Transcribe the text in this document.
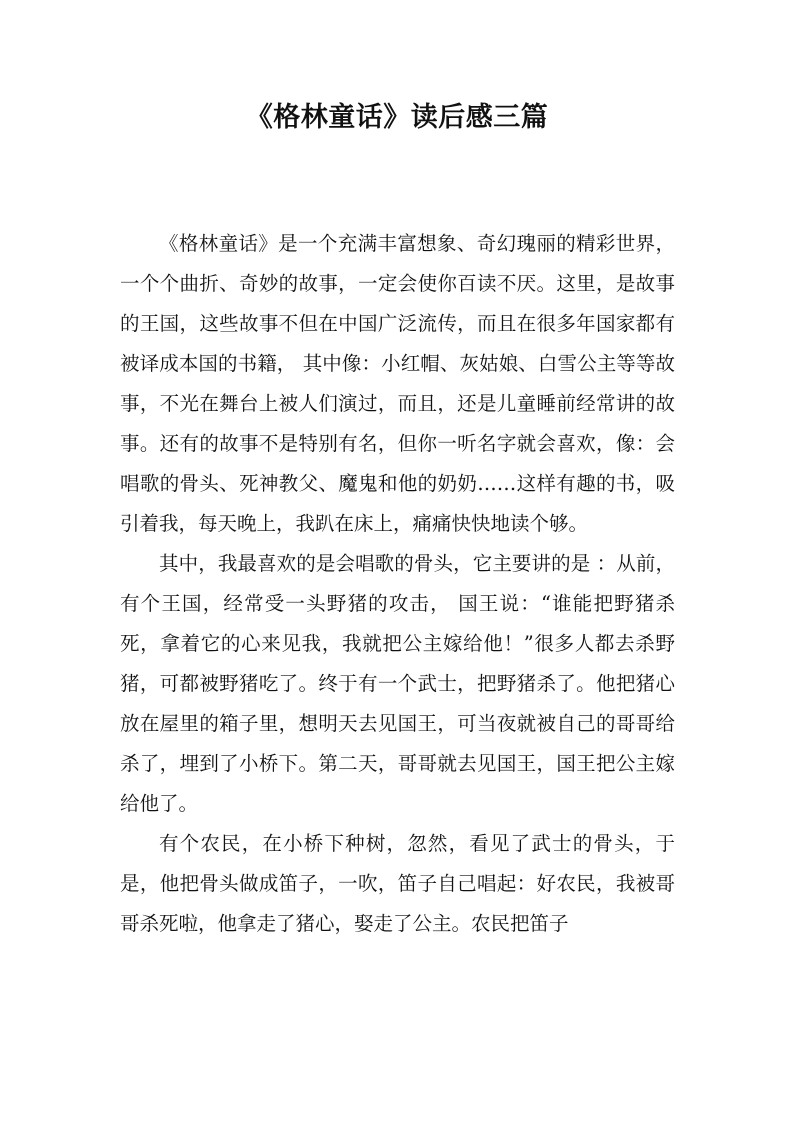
《格林童话》读后感三篇

《格林童话》是一个充满丰富想象、奇幻瑰丽的精彩世界，一个个曲折、奇妙的故事，一定会使你百读不厌。这里，是故事的王国，这些故事不但在中国广泛流传，而且在很多年国家都有被译成本国的书籍， 其中像：小红帽、灰姑娘、白雪公主等等故事，不光在舞台上被人们演过，而且，还是儿童睡前经常讲的故事。还有的故事不是特别有名，但你一听名字就会喜欢，像：会唱歌的骨头、死神教父、魔鬼和他的奶奶……这样有趣的书，吸引着我，每天晚上，我趴在床上，痛痛快快地读个够。

其中，我最喜欢的是会唱歌的骨头，它主要讲的是 ：从前，有个王国，经常受一头野猪的攻击， 国王说：“谁能把野猪杀死，拿着它的心来见我，我就把公主嫁给他！”很多人都去杀野猪，可都被野猪吃了。终于有一个武士，把野猪杀了。他把猪心放在屋里的箱子里，想明天去见国王，可当夜就被自己的哥哥给杀了，埋到了小桥下。第二天，哥哥就去见国王，国王把公主嫁给他了。

有个农民，在小桥下种树，忽然，看见了武士的骨头，于是，他把骨头做成笛子，一吹，笛子自己唱起：好农民，我被哥哥杀死啦，他拿走了猪心，娶走了公主。农民把笛子
